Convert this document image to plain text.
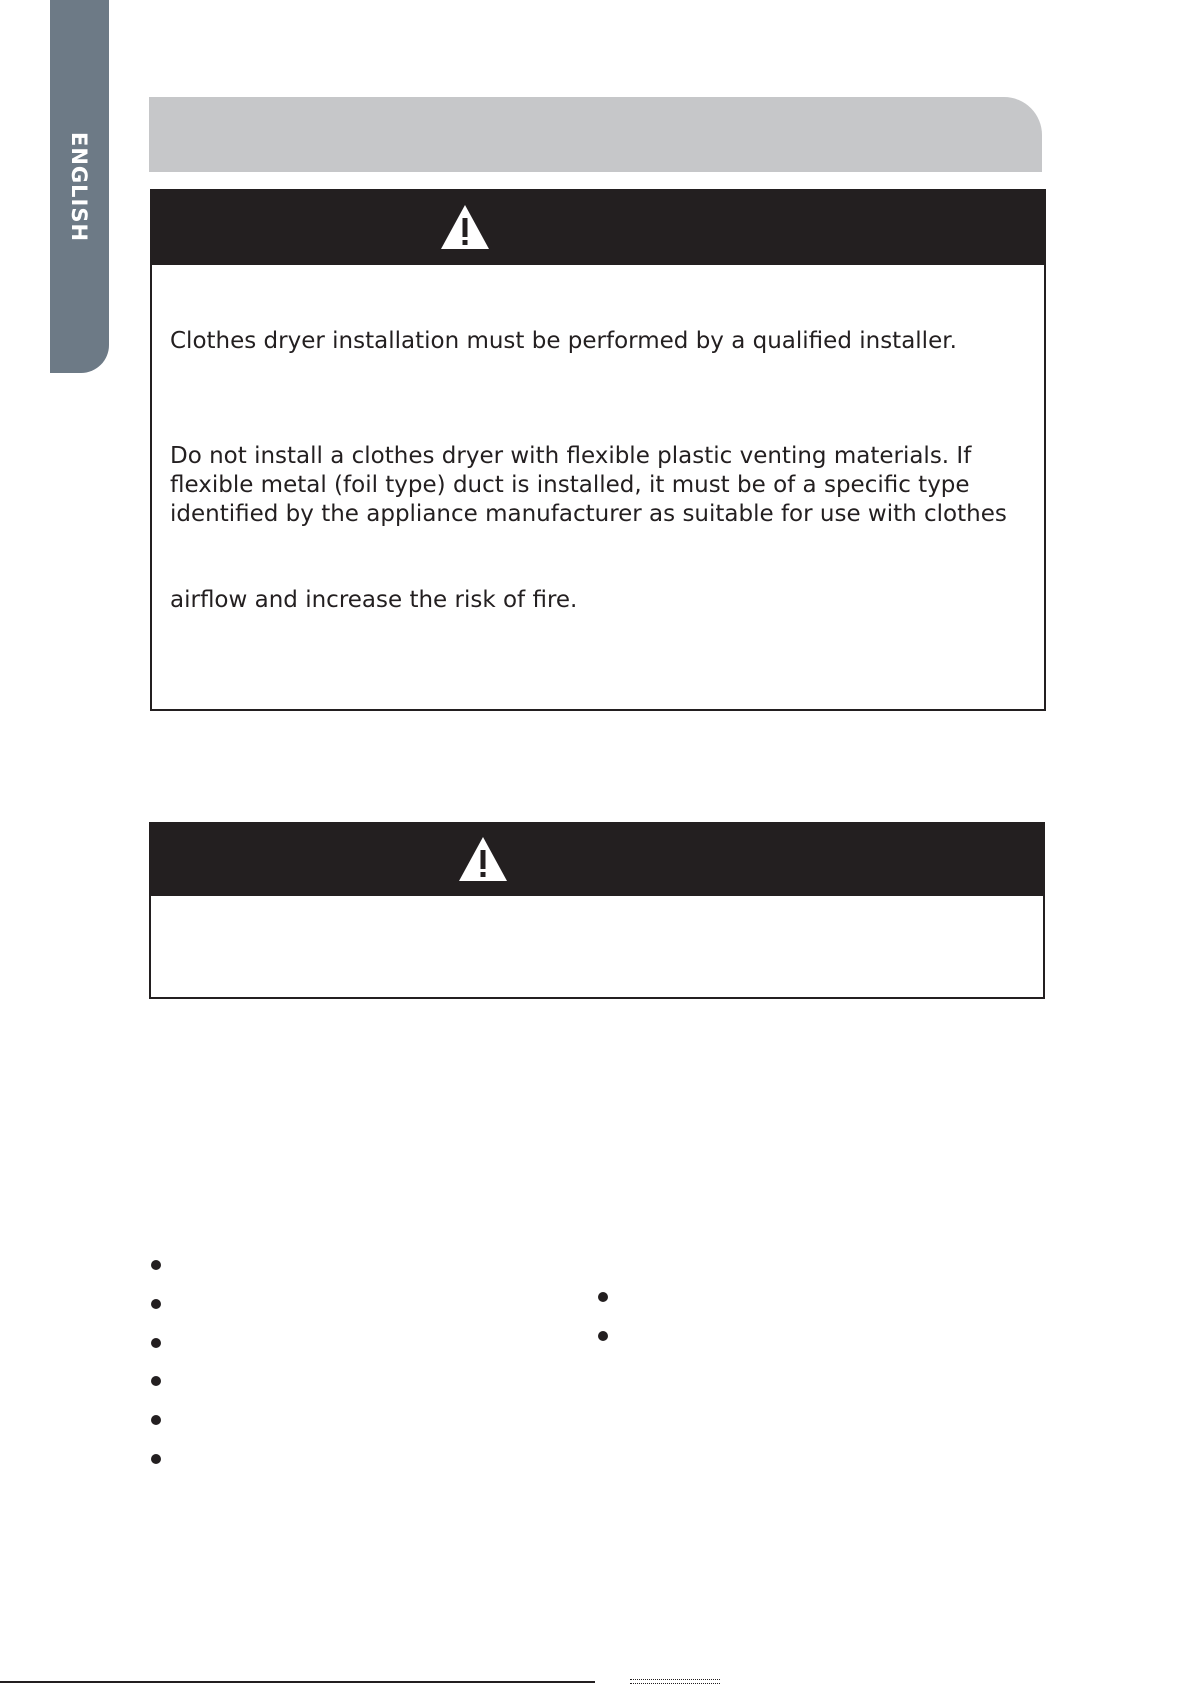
ENGLISH

Clothes dryer installation must be performed by a qualified installer.

Do not install a clothes dryer with flexible plastic venting materials. If
flexible metal (foil type) duct is installed, it must be of a specific type
identified by the appliance manufacturer as suitable for use with clothes

airflow and increase the risk of fire.
